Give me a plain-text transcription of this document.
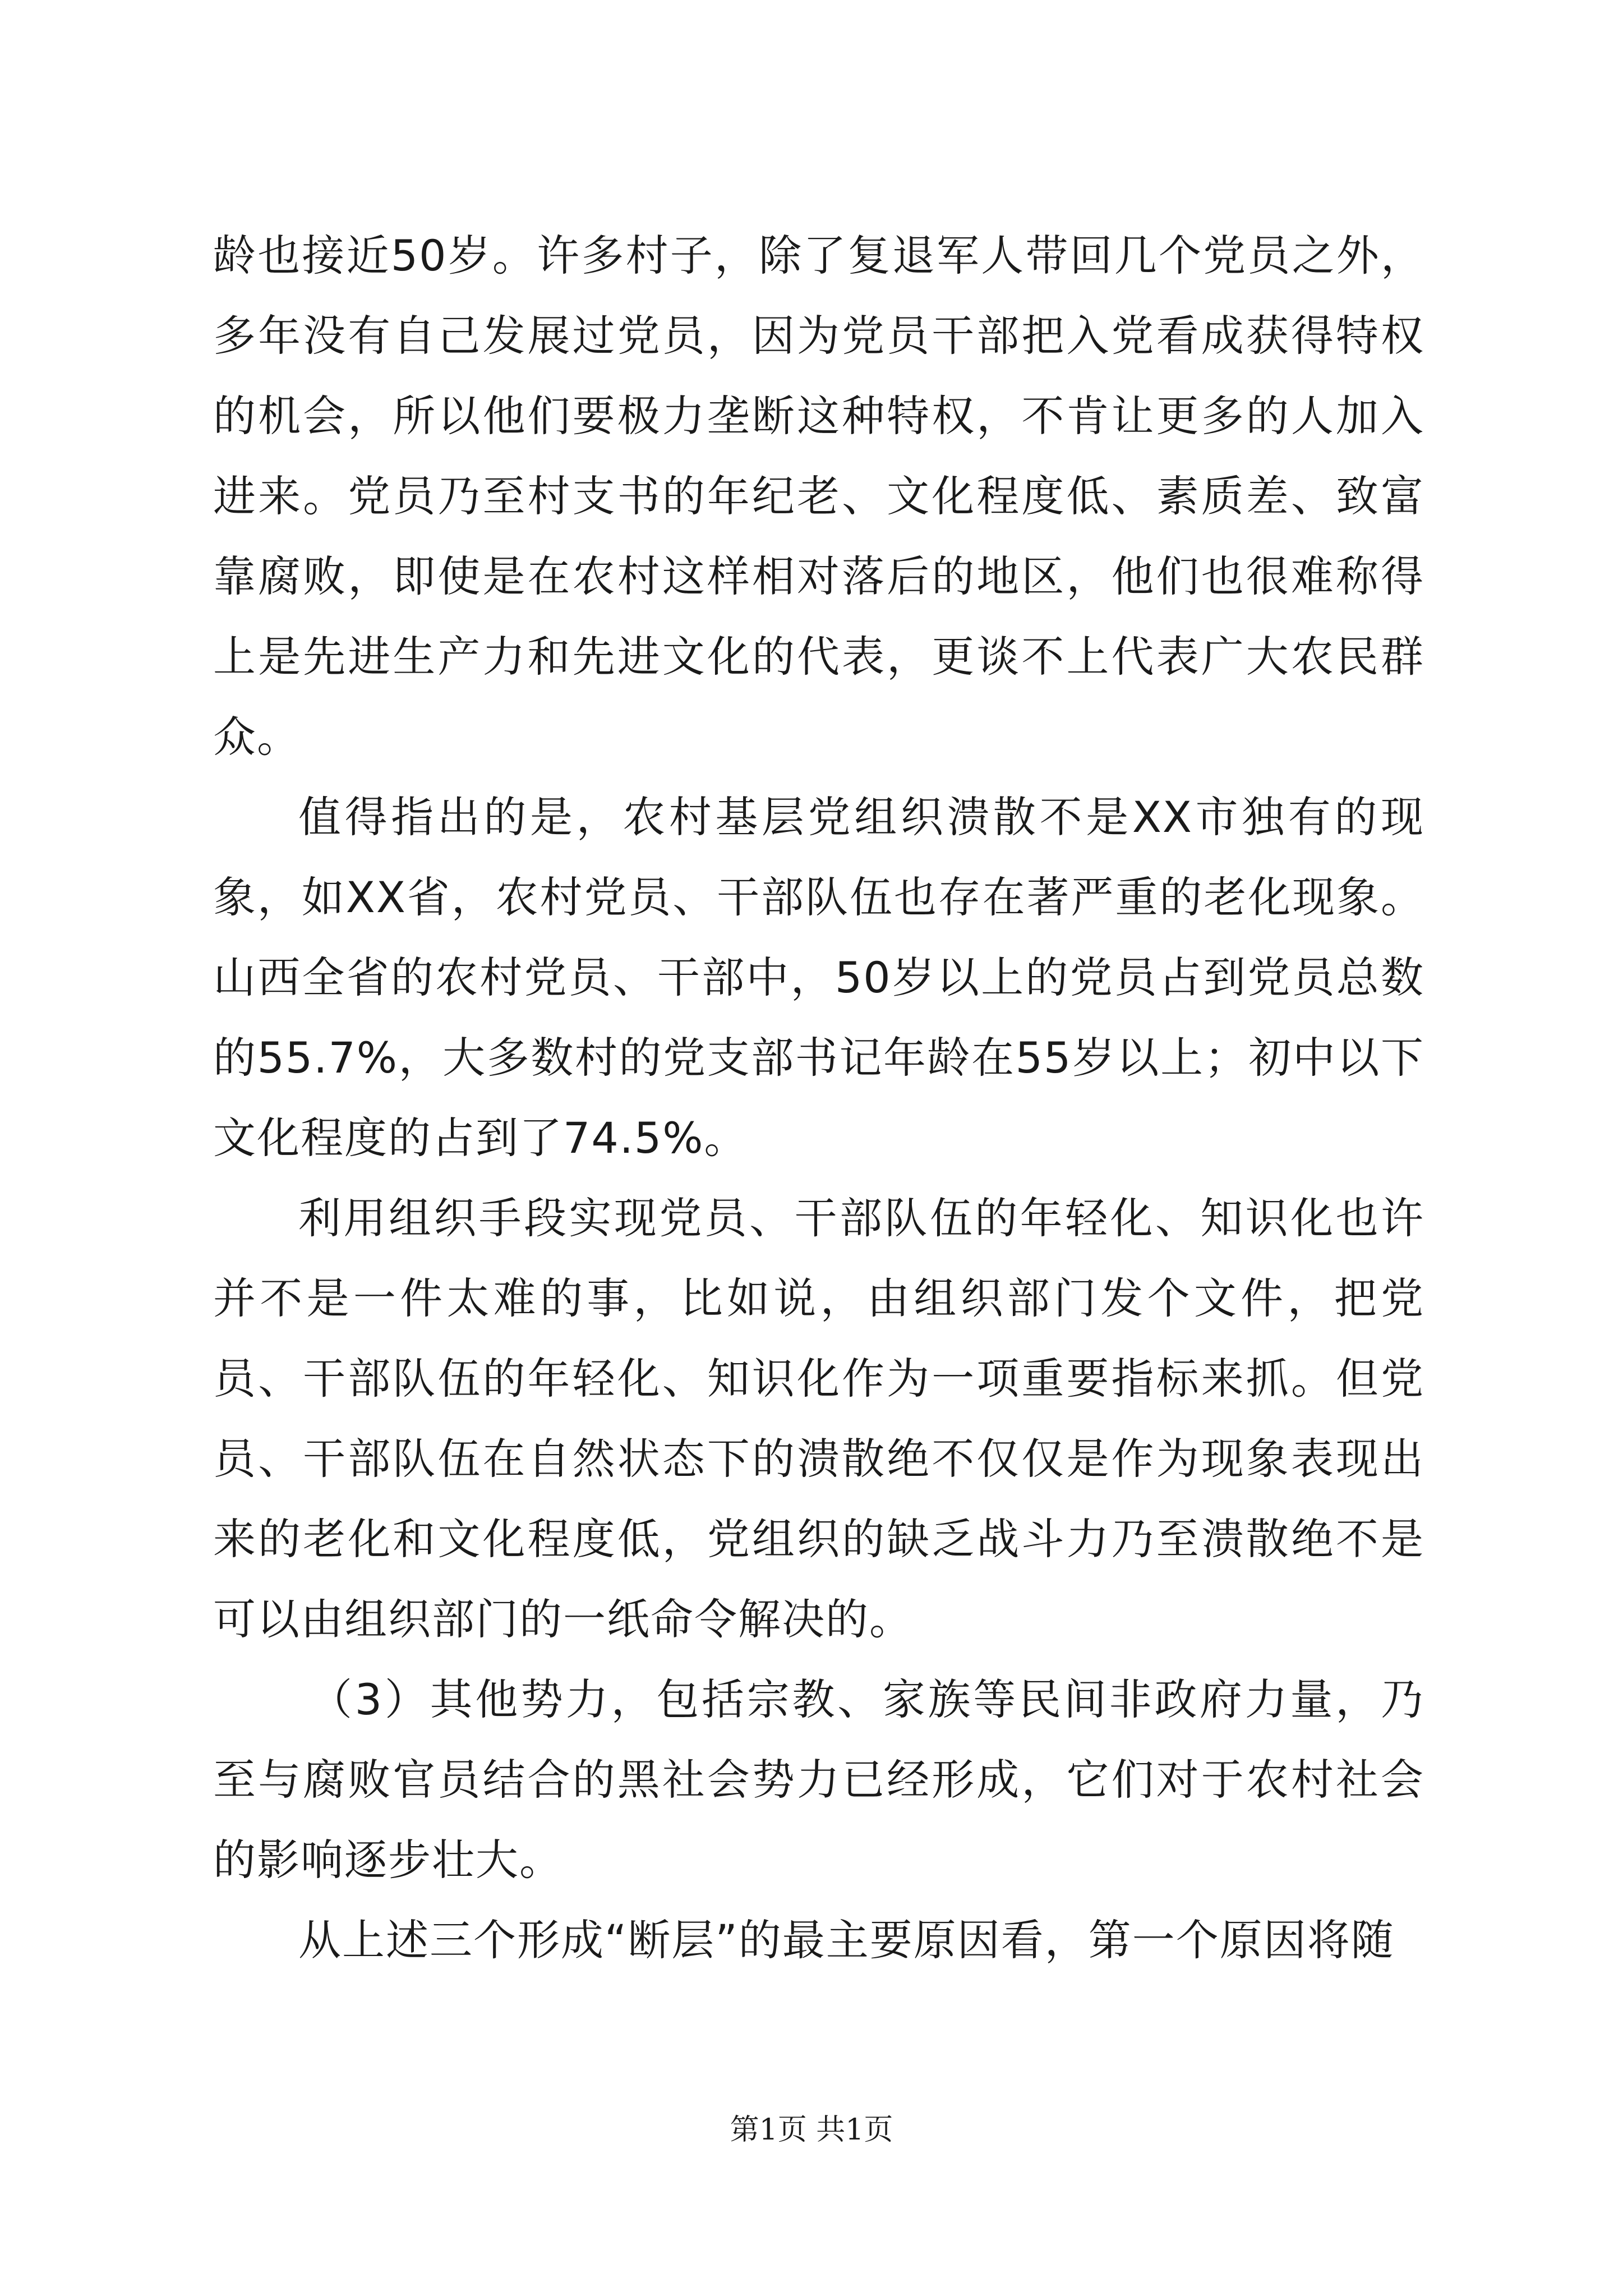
龄也接近50岁。许多村子，除了复退军人带回几个党员之外，多年没有自己发展过党员，因为党员干部把入党看成获得特权的机会，所以他们要极力垄断这种特权，不肯让更多的人加入进来。党员乃至村支书的年纪老、文化程度低、素质差、致富靠腐败，即使是在农村这样相对落后的地区，他们也很难称得上是先进生产力和先进文化的代表，更谈不上代表广大农民群众。

值得指出的是，农村基层党组织溃散不是XX市独有的现象，如XX省，农村党员、干部队伍也存在著严重的老化现象。山西全省的农村党员、干部中，50岁以上的党员占到党员总数的55.7%，大多数村的党支部书记年龄在55岁以上；初中以下文化程度的占到了74.5%。

利用组织手段实现党员、干部队伍的年轻化、知识化也许并不是一件太难的事，比如说，由组织部门发个文件，把党员、干部队伍的年轻化、知识化作为一项重要指标来抓。但党员、干部队伍在自然状态下的溃散绝不仅仅是作为现象表现出来的老化和文化程度低，党组织的缺乏战斗力乃至溃散绝不是可以由组织部门的一纸命令解决的。

（3）其他势力，包括宗教、家族等民间非政府力量，乃至与腐败官员结合的黑社会势力已经形成，它们对于农村社会的影响逐步壮大。

从上述三个形成“断层”的最主要原因看，第一个原因将随

第1页 共1页
